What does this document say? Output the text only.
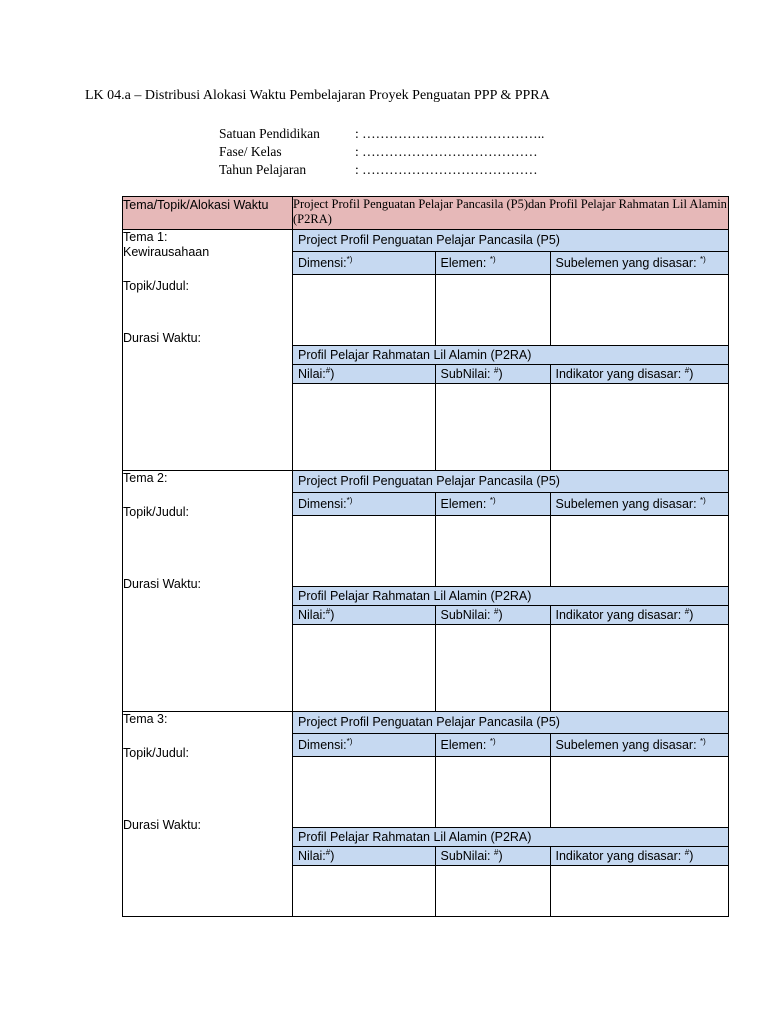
LK 04.a – Distribusi Alokasi Waktu Pembelajaran Proyek Penguatan PPP & PPRA
Satuan Pendidikan	: …………………………………..
Fase/ Kelas	: …………………………………
Tahun Pelajaran	: …………………………………
Tema/Topik/Alokasi Waktu	Project Profil Penguatan Pelajar Pancasila (P5)dan Profil Pelajar Rahmatan Lil Alamin (P2RA)

Tema 1:
Kewirausahaan
Topik/Judul:
Durasi Waktu:

Project Profil Penguatan Pelajar Pancasila (P5)
Dimensi:*)	Elemen: *)	Subelemen yang disasar: *)

Profil Pelajar Rahmatan Lil Alamin (P2RA)
Nilai:#)	SubNilai: #)	Indikator yang disasar: #)

Tema 2:
Topik/Judul:
Durasi Waktu:

Project Profil Penguatan Pelajar Pancasila (P5)
Dimensi:*)	Elemen: *)	Subelemen yang disasar: *)

Profil Pelajar Rahmatan Lil Alamin (P2RA)
Nilai:#)	SubNilai: #)	Indikator yang disasar: #)

Tema 3:
Topik/Judul:
Durasi Waktu:

Project Profil Penguatan Pelajar Pancasila (P5)
Dimensi:*)	Elemen: *)	Subelemen yang disasar: *)

Profil Pelajar Rahmatan Lil Alamin (P2RA)
Nilai:#)	SubNilai: #)	Indikator yang disasar: #)
